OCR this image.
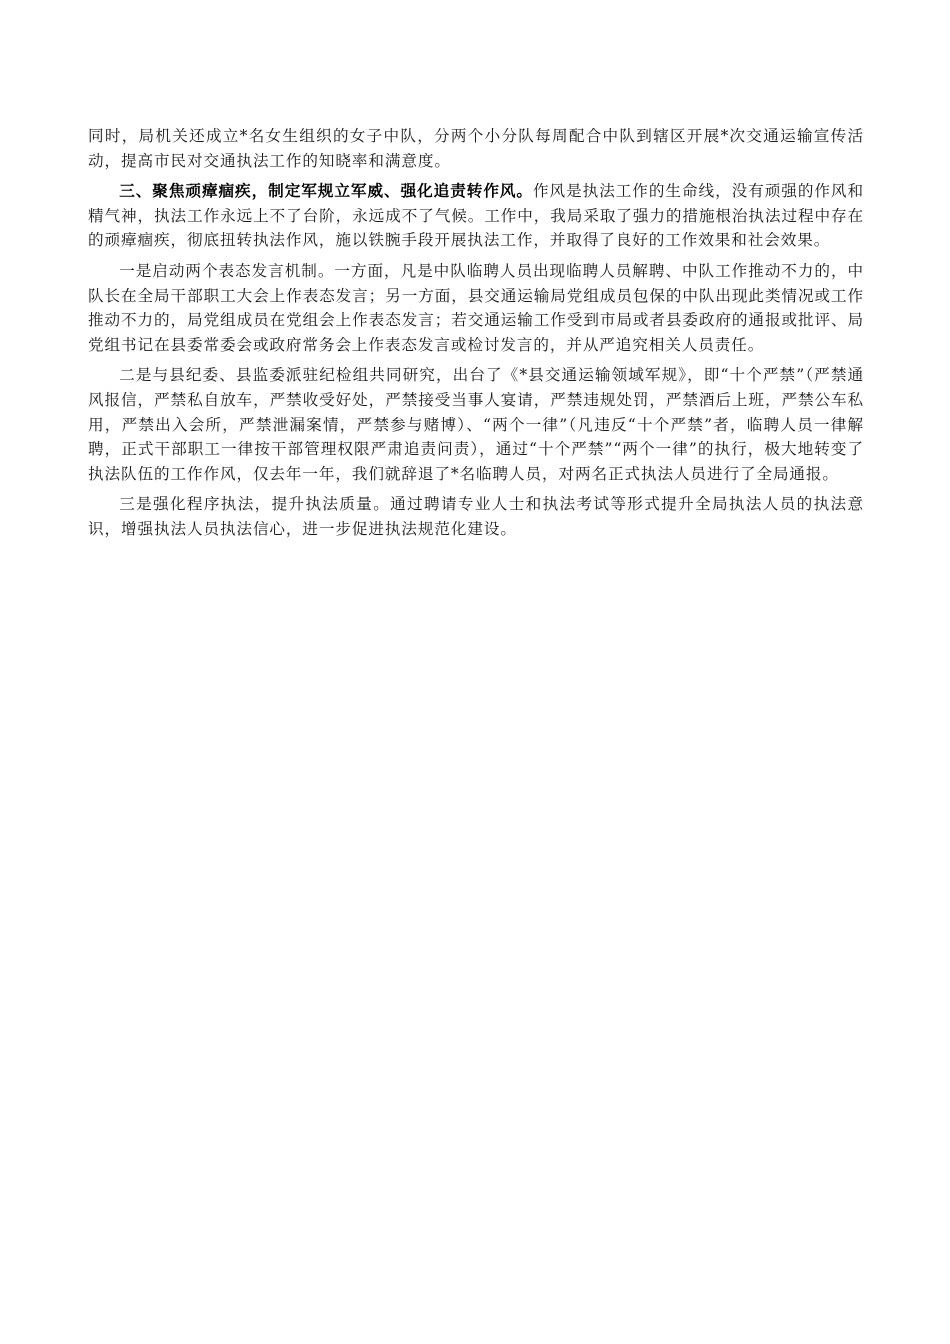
同时，局机关还成立*名女生组织的女子中队，分两个小分队每周配合中队到辖区开展*次交通运输宣传活动，提高市民对交通执法工作的知晓率和满意度。

三、聚焦顽瘴痼疾，制定军规立军威、强化追责转作风。作风是执法工作的生命线，没有顽强的作风和精气神，执法工作永远上不了台阶，永远成不了气候。工作中，我局采取了强力的措施根治执法过程中存在的顽瘴痼疾，彻底扭转执法作风，施以铁腕手段开展执法工作，并取得了良好的工作效果和社会效果。

一是启动两个表态发言机制。一方面，凡是中队临聘人员出现临聘人员解聘、中队工作推动不力的，中队长在全局干部职工大会上作表态发言；另一方面，县交通运输局党组成员包保的中队出现此类情况或工作推动不力的，局党组成员在党组会上作表态发言；若交通运输工作受到市局或者县委政府的通报或批评、局党组书记在县委常委会或政府常务会上作表态发言或检讨发言的，并从严追究相关人员责任。

二是与县纪委、县监委派驻纪检组共同研究，出台了《*县交通运输领域军规》，即“十个严禁”（严禁通风报信，严禁私自放车，严禁收受好处，严禁接受当事人宴请，严禁违规处罚，严禁酒后上班，严禁公车私用，严禁出入会所，严禁泄漏案情，严禁参与赌博）、“两个一律”（凡违反“十个严禁”者，临聘人员一律解聘，正式干部职工一律按干部管理权限严肃追责问责），通过“十个严禁”“两个一律”的执行，极大地转变了执法队伍的工作作风，仅去年一年，我们就辞退了*名临聘人员，对两名正式执法人员进行了全局通报。

三是强化程序执法，提升执法质量。通过聘请专业人士和执法考试等形式提升全局执法人员的执法意识，增强执法人员执法信心，进一步促进执法规范化建设。
